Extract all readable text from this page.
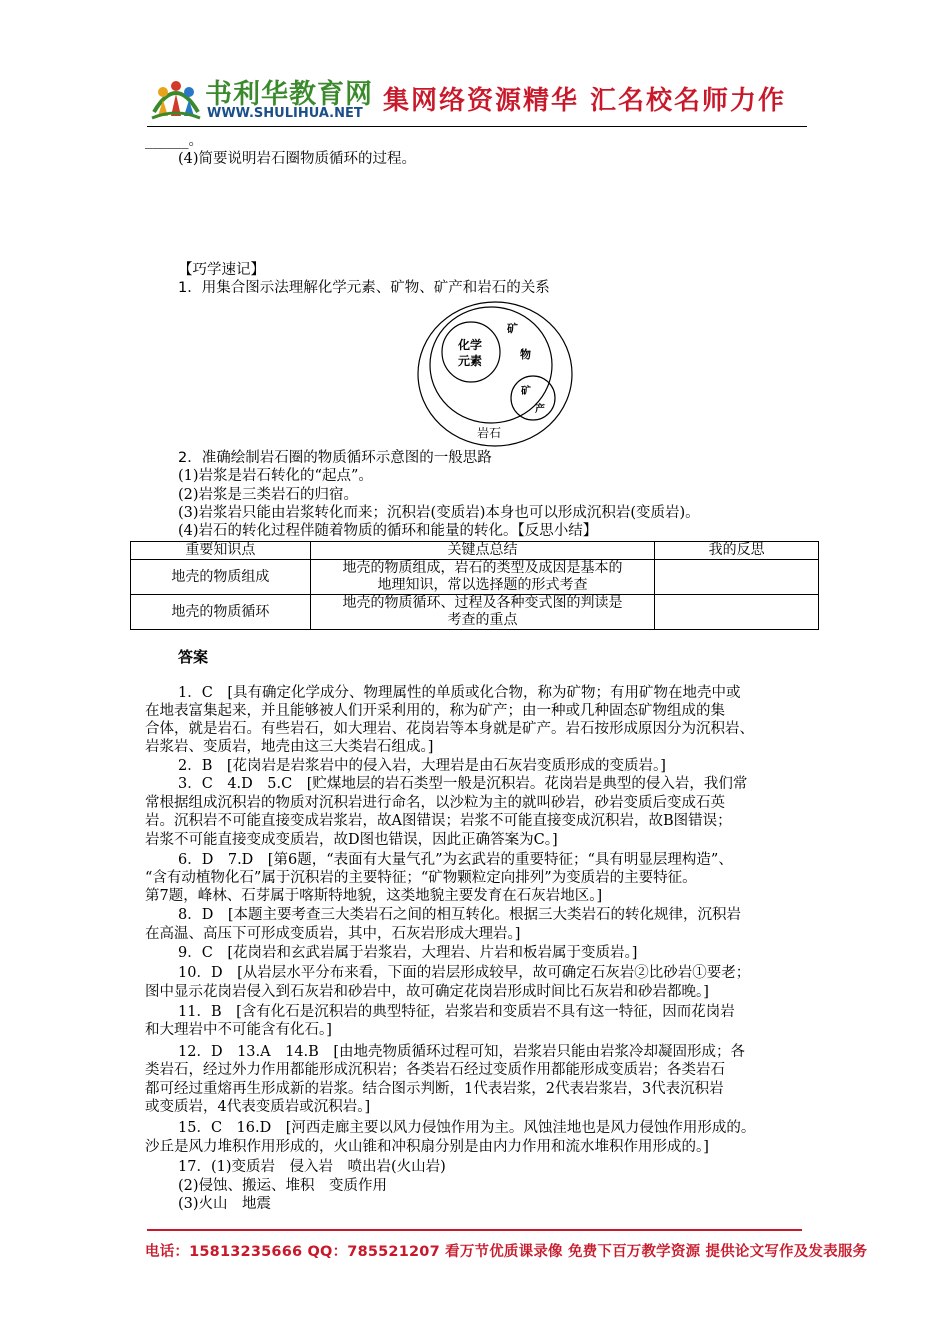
书利华教育网
WWW.SHULIHUA.NET 集网络资源精华 汇名校名师力作
______。
(4)简要说明岩石圈物质循环的过程。
【巧学速记】
1．用集合图示法理解化学元素、矿物、矿产和岩石的关系
化学
元素
矿
物
矿
产
岩石
2．准确绘制岩石圈的物质循环示意图的一般思路
(1)岩浆是岩石转化的“起点”。
(2)岩浆是三类岩石的归宿。
(3)岩浆岩只能由岩浆转化而来；沉积岩(变质岩)本身也可以形成沉积岩(变质岩)。
(4)岩石的转化过程伴随着物质的循环和能量的转化。【反思小结】
重要知识点	关键点总结	我的反思
地壳的物质组成	地壳的物质组成，岩石的类型及成因是基本的
地理知识，常以选择题的形式考查	

地壳的物质循环	地壳的物质循环、过程及各种变式图的判读是
考查的重点	

答案
1．C　[具有确定化学成分、物理属性的单质或化合物，称为矿物；有用矿物在地壳中或
在地表富集起来，并且能够被人们开采利用的，称为矿产；由一种或几种固态矿物组成的集
合体，就是岩石。有些岩石，如大理岩、花岗岩等本身就是矿产。岩石按形成原因分为沉积岩、
岩浆岩、变质岩，地壳由这三大类岩石组成。]
2．B　[花岗岩是岩浆岩中的侵入岩，大理岩是由石灰岩变质形成的变质岩。]
3．C　4.D　5.C　[贮煤地层的岩石类型一般是沉积岩。花岗岩是典型的侵入岩，我们常
常根据组成沉积岩的物质对沉积岩进行命名，以沙粒为主的就叫砂岩，砂岩变质后变成石英
岩。沉积岩不可能直接变成岩浆岩，故A图错误；岩浆不可能直接变成沉积岩，故B图错误；
岩浆不可能直接变成变质岩，故D图也错误，因此正确答案为C。]
6．D　7.D　[第6题，“表面有大量气孔”为玄武岩的重要特征；“具有明显层理构造”、
“含有动植物化石”属于沉积岩的主要特征；“矿物颗粒定向排列”为变质岩的主要特征。
第7题，峰林、石芽属于喀斯特地貌，这类地貌主要发育在石灰岩地区。]
8．D　[本题主要考查三大类岩石之间的相互转化。根据三大类岩石的转化规律，沉积岩
在高温、高压下可形成变质岩，其中，石灰岩形成大理岩。]
9．C　[花岗岩和玄武岩属于岩浆岩，大理岩、片岩和板岩属于变质岩。]
10．D　[从岩层水平分布来看，下面的岩层形成较早，故可确定石灰岩②比砂岩①要老；
图中显示花岗岩侵入到石灰岩和砂岩中，故可确定花岗岩形成时间比石灰岩和砂岩都晚。]
11．B　[含有化石是沉积岩的典型特征，岩浆岩和变质岩不具有这一特征，因而花岗岩
和大理岩中不可能含有化石。]
12．D　13.A　14.B　[由地壳物质循环过程可知，岩浆岩只能由岩浆冷却凝固形成；各
类岩石，经过外力作用都能形成沉积岩；各类岩石经过变质作用都能形成变质岩；各类岩石
都可经过重熔再生形成新的岩浆。结合图示判断，1代表岩浆，2代表岩浆岩，3代表沉积岩
或变质岩，4代表变质岩或沉积岩。]
15．C　16.D　[河西走廊主要以风力侵蚀作用为主。风蚀洼地也是风力侵蚀作用形成的。
沙丘是风力堆积作用形成的，火山锥和冲积扇分别是由内力作用和流水堆积作用形成的。]
17．(1)变质岩　侵入岩　喷出岩(火山岩)
(2)侵蚀、搬运、堆积　变质作用
(3)火山　地震
电话：15813235666 QQ：785521207 看万节优质课录像 免费下百万教学资源 提供论文写作及发表服务
